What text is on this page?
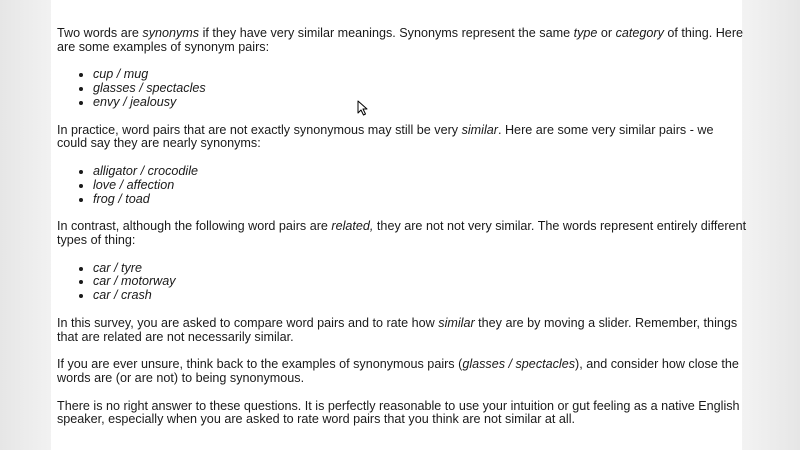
Two words are synonyms if they have very similar meanings. Synonyms represent the same type or category of thing. Here are some examples of synonym pairs:

• cup / mug
• glasses / spectacles
• envy / jealousy

In practice, word pairs that are not exactly synonymous may still be very similar. Here are some very similar pairs - we could say they are nearly synonyms:

• alligator / crocodile
• love / affection
• frog / toad

In contrast, although the following word pairs are related, they are not not very similar. The words represent entirely different types of thing:

• car / tyre
• car / motorway
• car / crash

In this survey, you are asked to compare word pairs and to rate how similar they are by moving a slider. Remember, things that are related are not necessarily similar.

If you are ever unsure, think back to the examples of synonymous pairs (glasses / spectacles), and consider how close the words are (or are not) to being synonymous.

There is no right answer to these questions. It is perfectly reasonable to use your intuition or gut feeling as a native English speaker, especially when you are asked to rate word pairs that you think are not similar at all.
